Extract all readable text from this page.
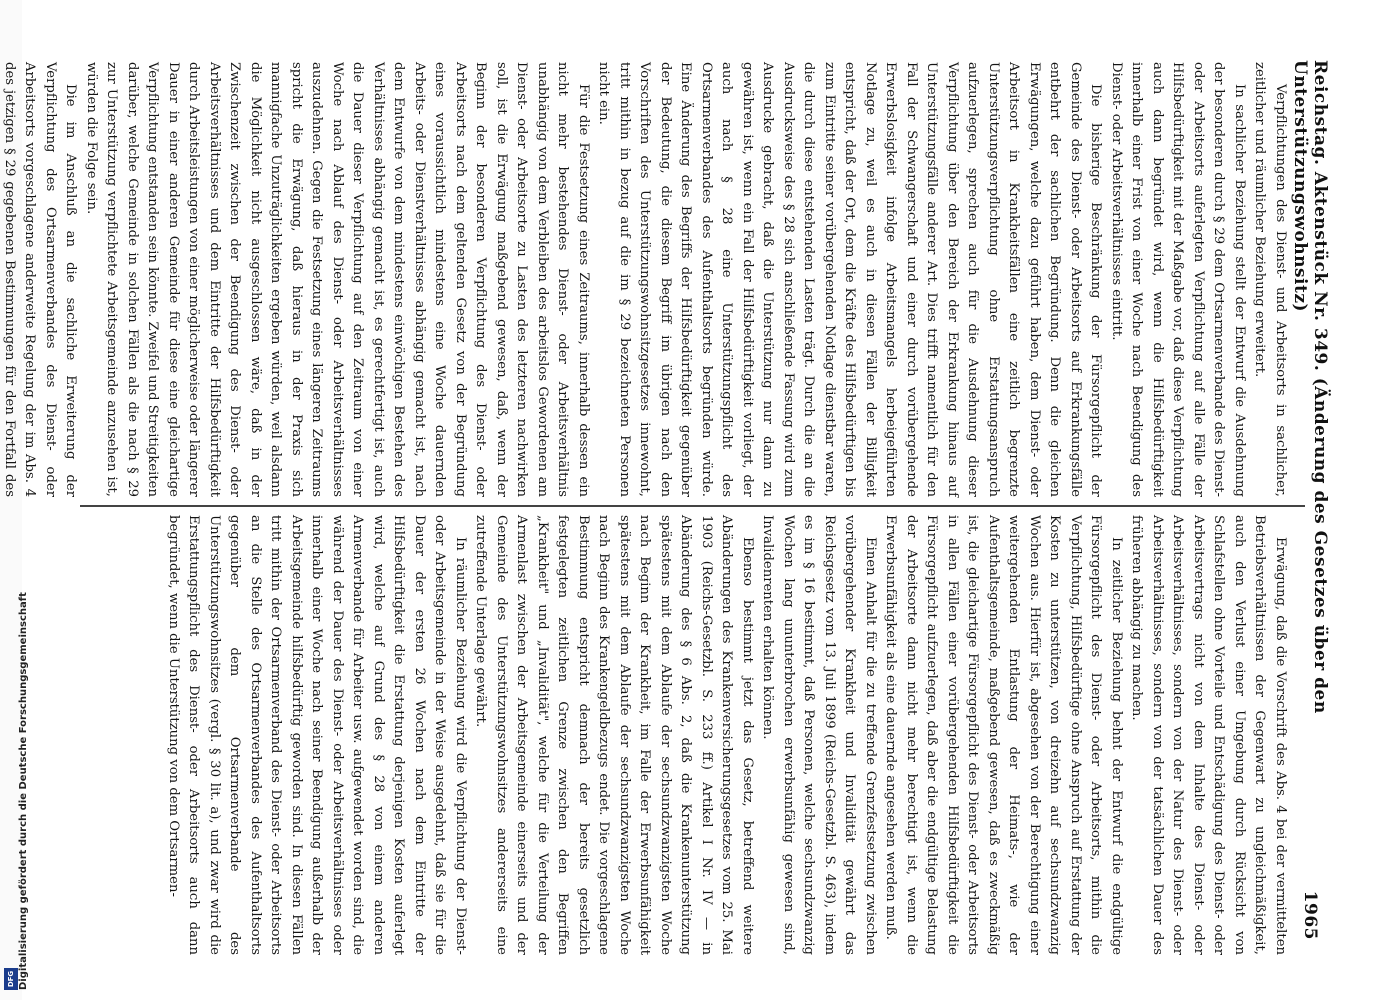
Digitalisierung gefördert durch die Deutsche Forschungsgemeinschaft
DFG
Reichstag. Aktenstück Nr. 349. (Änderung des Gesetzes über den Unterstützungswohnsitz)
1965

Erwägung, daß die Vorschrift des Abs. 4 bei der vermittelten Betriebsverhältnissen der Gegenwart zu ungleichmäßigkeit, auch den Verlust einer Umgebung durch Rücksicht von Schlafstellen ohne Vorteile und Entschädigung des Dienst- oder Arbeitsvertrags nicht von dem Inhalte des Dienst- oder Arbeitsverhältnisses, sondern von der Natur des Dienst- oder Arbeitsverhältnisses, sondern von der tatsächlichen Dauer des früheren abhängig zu machen.

In zeitlicher Beziehung behnt der Entwurf die endgültige Fürsorgepflicht des Dienst- oder Arbeitsorts, mithin die Verpflichtung, Hilfsbedürftige ohne Anspruch auf Erstattung der Kosten zu unterstützen, von dreizehn auf sechsundzwanzig Wochen aus. Hierfür ist, abgesehen von der Berechtigung einer weitergehenden Entlastung der Heimats-, wie der Aufenthaltsgemeinde, maßgebend gewesen, daß es zweckmäßig ist, die gleichartige Fürsorgepflicht des Dienst- oder Arbeitsorts in allen Fällen einer vorübergehenden Hilfsbedürftigkeit die Fürsorgepflicht aufzuerlegen, daß aber die endgültige Belastung der Arbeitsorte dann nicht mehr berechtigt ist, wenn die Erwerbsunfähigkeit als eine dauernde angesehen werden muß.

Einen Anhalt für die zu treffende Grenzfestsetzung zwischen vorübergehender Krankheit und Invalidität gewährt das Reichsgesetz vom 13. Juli 1899 (Reichs-Gesetzbl. S. 463), indem es im § 16 bestimmt, daß Personen, welche sechsundzwanzig Wochen lang ununterbrochen erwerbsunfähig gewesen sind, Invalidenrenten erhalten können.

Ebenso bestimmt jetzt das Gesetz, betreffend weitere Abänderungen des Krankenversicherungsgesetzes vom 25. Mai 1903 (Reichs-Gesetzbl. S. 233 ff.) Artikel I Nr. IV — in Abänderung des § 6 Abs. 2, daß die Krankenunterstützung spätestens mit dem Ablaufe der sechsundzwanzigsten Woche nach Beginn der Krankheit, im Falle der Erwerbsunfähigkeit spätestens mit dem Ablaufe der sechsundzwanzigsten Woche nach Beginn des Krankengeldbezugs endet. Die vorgeschlagene Bestimmung entspricht demnach der bereits gesetzlich festgelegten zeitlichen Grenze zwischen den Begriffen „Krankheit" und „Invalidität", welche für die Verteilung der Armenlast zwischen der Arbeitsgemeinde einerseits und der Gemeinde des Unterstützungswohnsitzes andererseits eine zutreffende Unterlage gewährt.

In räumlicher Beziehung wird die Verpflichtung der Dienst- oder Arbeitsgemeinde in der Weise ausgedehnt, daß sie für die Dauer der ersten 26 Wochen nach dem Eintritte der Hilfsbedürftigkeit die Erstattung derjenigen Kosten auferlegt wird, welche auf Grund des § 28 von einem anderen Armenverbande für Arbeiter usw. aufgewendet worden sind, die während der Dauer des Dienst- oder Arbeitsverhältnisses oder innerhalb einer Woche nach seiner Beendigung außerhalb der Arbeitsgemeinde hilfsbedürftig geworden sind. In diesen Fällen tritt mithin der Ortsarmenverband des Dienst- oder Arbeitsorts an die Stelle des Ortsarmenverbandes des Aufenthaltsorts gegenüber dem Ortsarmenverbande des Unterstützungswohnsitzes (vergl. § 30 lit. a), und zwar wird die Erstattungspflicht des Dienst- oder Arbeitsorts auch dann begründet, wenn die Unterstützung von dem Ortsarmen-

Verpflichtungen des Dienst- und Arbeitsorts in sachlicher, zeitlicher und räumlicher Beziehung erweitert.

In sachlicher Beziehung stellt der Entwurf die Ausdehnung der besonderen durch § 29 dem Ortsarmenverbande des Dienst- oder Arbeitsorts auferlegten Verpflichtung auf alle Fälle der Hilfsbedürftigkeit mit der Maßgabe vor, daß diese Verpflichtung auch dann begründet wird, wenn die Hilfsbedürftigkeit innerhalb einer Frist von einer Woche nach Beendigung des Dienst- oder Arbeitsverhältnisses eintritt.

Die bisherige Beschränkung der Fürsorgepflicht der Gemeinde des Dienst- oder Arbeitsorts auf Erkrankungsfälle entbehrt der sachlichen Begründung. Denn die gleichen Erwägungen, welche dazu geführt haben, dem Dienst- oder Arbeitsort in Krankheitsfällen eine zeitlich begrenzte Unterstützungsverpflichtung ohne Erstattungsanspruch aufzuerlegen, sprechen auch für die Ausdehnung dieser Verpflichtung über den Bereich der Erkrankung hinaus auf Unterstützungsfälle anderer Art. Dies trifft namentlich für den Fall der Schwangerschaft und einer durch vorübergehende Erwerbslosigkeit infolge Arbeitsmangels herbeigeführten Notlage zu, weil es auch in diesen Fällen der Billigkeit entspricht, daß der Ort, dem die Kräfte des Hilfsbedürftigen bis zum Eintritte seiner vorübergehenden Notlage dienstbar waren, die durch diese entstehenden Lasten trägt. Durch die an die Ausdrucksweise des § 28 sich anschließende Fassung wird zum Ausdrucke gebracht, daß die Unterstützung nur dann zu gewähren ist, wenn ein Fall der Hilfsbedürftigkeit vorliegt, der auch nach § 28 eine Unterstützungspflicht des Ortsarmenverbandes des Aufenthaltsorts begründen würde. Eine Änderung des Begriffs der Hilfsbedürftigkeit gegenüber der Bedeutung, die diesem Begriff im übrigen nach den Vorschriften des Unterstützungswohnsitzgesetzes innewohnt, tritt mithin in bezug auf die im § 29 bezeichneten Personen nicht ein.

Für die Festsetzung eines Zeitraums, innerhalb dessen ein nicht mehr bestehendes Dienst- oder Arbeitsverhältnis unabhängig von dem Verbleiben des arbeitslos Gewordenen am Dienst- oder Arbeitsorte zu Lasten des letzteren nachwirken soll, ist die Erwägung maßgebend gewesen, daß, wenn der Beginn der besonderen Verpflichtung des Dienst- oder Arbeitsorts nach dem geltenden Gesetz von der Begründung eines voraussichtlich mindestens eine Woche dauernden Arbeits- oder Dienstverhältnisses abhängig gemacht ist, nach dem Entwurfe von dem mindestens einwöchigen Bestehen des Verhältnisses abhängig gemacht ist, es gerechtfertigt ist, auch die Dauer dieser Verpflichtung auf den Zeitraum von einer Woche nach Ablauf des Dienst- oder Arbeitsverhältnisses auszudehnen. Gegen die Festsetzung eines längeren Zeitraums spricht die Erwägung, daß hieraus in der Praxis sich mannigfache Unzuträglichkeiten ergeben würden, weil alsdann die Möglichkeit nicht ausgeschlossen wäre, daß in der Zwischenzeit zwischen der Beendigung des Dienst- oder Arbeitsverhältnisses und dem Eintritte der Hilfsbedürftigkeit durch Arbeitsleistungen von einer möglicherweise oder längerer Dauer in einer anderen Gemeinde für diese eine gleichartige Verpflichtung entstanden sein könnte. Zweifel und Streitigkeiten darüber, welche Gemeinde in solchen Fällen als die nach § 29 zur Unterstützung verpflichtete Arbeitsgemeinde anzusehen ist, würden die Folge sein.

Die im Anschluß an die sachliche Erweiterung der Verpflichtung des Ortsarmenverbandes des Dienst- oder Arbeitsorts vorgeschlagene anderweite Regelung der im Abs. 4 des jetzigen § 29 gegebenen Bestimmungen für den Fortfall des
